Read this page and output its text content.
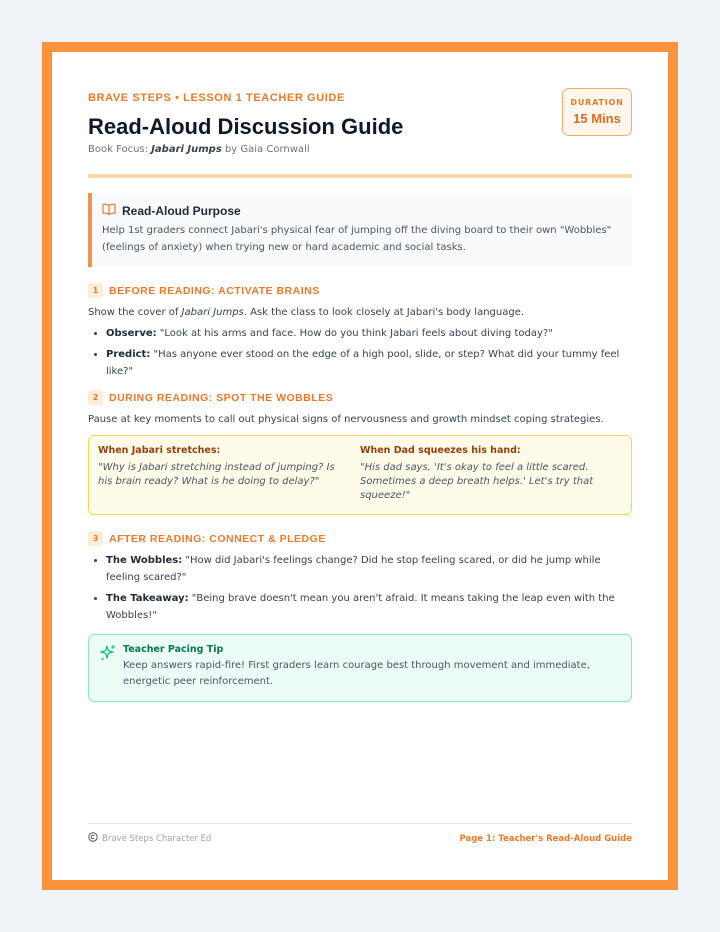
BRAVE STEPS • LESSON 1 TEACHER GUIDE
Read-Aloud Discussion Guide
Book Focus: Jabari Jumps by Gaia Cornwall
DURATION
15 Mins
Read-Aloud Purpose
Help 1st graders connect Jabari's physical fear of jumping off the diving board to their own "Wobbles" (feelings of anxiety) when trying new or hard academic and social tasks.
1	BEFORE READING: ACTIVATE BRAINS
Show the cover of Jabari Jumps. Ask the class to look closely at Jabari's body language.
• Observe: "Look at his arms and face. How do you think Jabari feels about diving today?"
• Predict: "Has anyone ever stood on the edge of a high pool, slide, or step? What did your tummy feel like?"
2	DURING READING: SPOT THE WOBBLES
Pause at key moments to call out physical signs of nervousness and growth mindset coping strategies.
When Jabari stretches:
"Why is Jabari stretching instead of jumping? Is his brain ready? What is he doing to delay?"
When Dad squeezes his hand:
"His dad says, 'It's okay to feel a little scared. Sometimes a deep breath helps.' Let's try that squeeze!"
3	AFTER READING: CONNECT & PLEDGE
• The Wobbles: "How did Jabari's feelings change? Did he stop feeling scared, or did he jump while feeling scared?"
• The Takeaway: "Being brave doesn't mean you aren't afraid. It means taking the leap even with the Wobbles!"
Teacher Pacing Tip
Keep answers rapid-fire! First graders learn courage best through movement and immediate, energetic peer reinforcement.
Brave Steps Character Ed	Page 1: Teacher's Read-Aloud Guide
